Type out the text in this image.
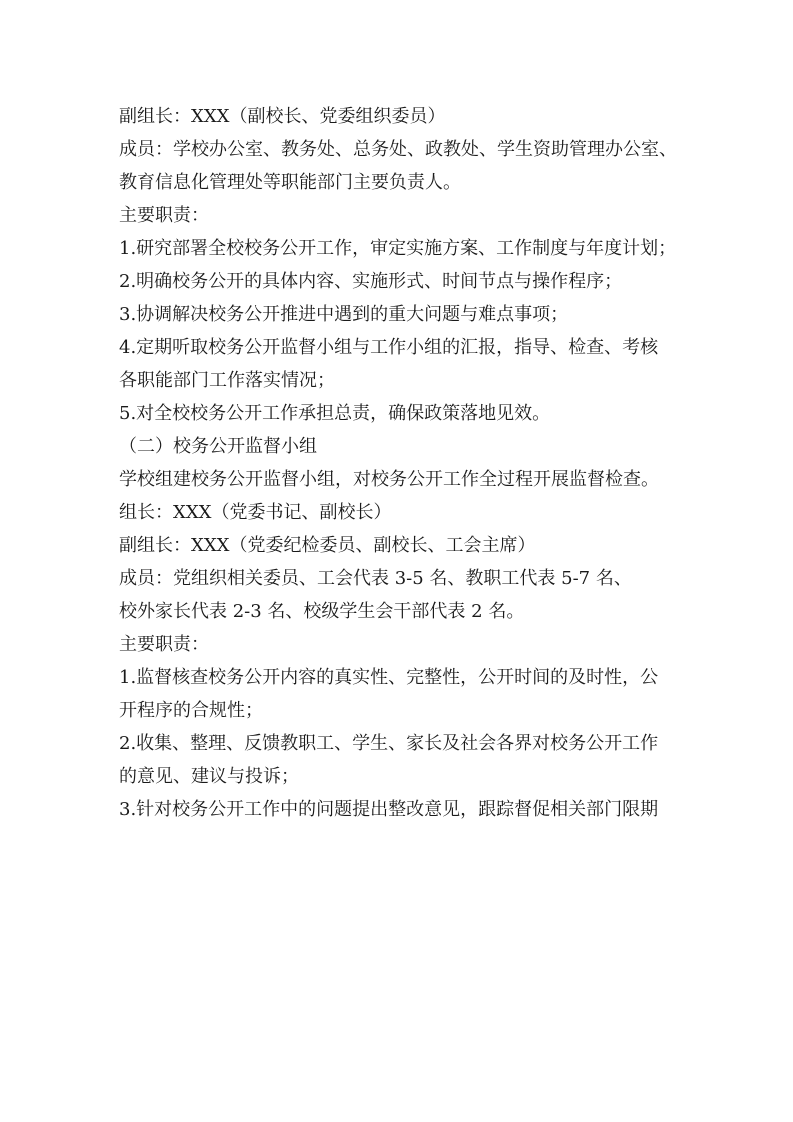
副组长：XXX（副校长、党委组织委员）
成员：学校办公室、教务处、总务处、政教处、学生资助管理办公室、
教育信息化管理处等职能部门主要负责人。
主要职责：
1.研究部署全校校务公开工作，审定实施方案、工作制度与年度计划；
2.明确校务公开的具体内容、实施形式、时间节点与操作程序；
3.协调解决校务公开推进中遇到的重大问题与难点事项；
4.定期听取校务公开监督小组与工作小组的汇报，指导、检查、考核
各职能部门工作落实情况；
5.对全校校务公开工作承担总责，确保政策落地见效。
（二）校务公开监督小组
学校组建校务公开监督小组，对校务公开工作全过程开展监督检查。
组长：XXX（党委书记、副校长）
副组长：XXX（党委纪检委员、副校长、工会主席）
成员：党组织相关委员、工会代表 3-5 名、教职工代表 5-7 名、
校外家长代表 2-3 名、校级学生会干部代表 2 名。
主要职责：
1.监督核查校务公开内容的真实性、完整性，公开时间的及时性，公
开程序的合规性；
2.收集、整理、反馈教职工、学生、家长及社会各界对校务公开工作
的意见、建议与投诉；
3.针对校务公开工作中的问题提出整改意见，跟踪督促相关部门限期
